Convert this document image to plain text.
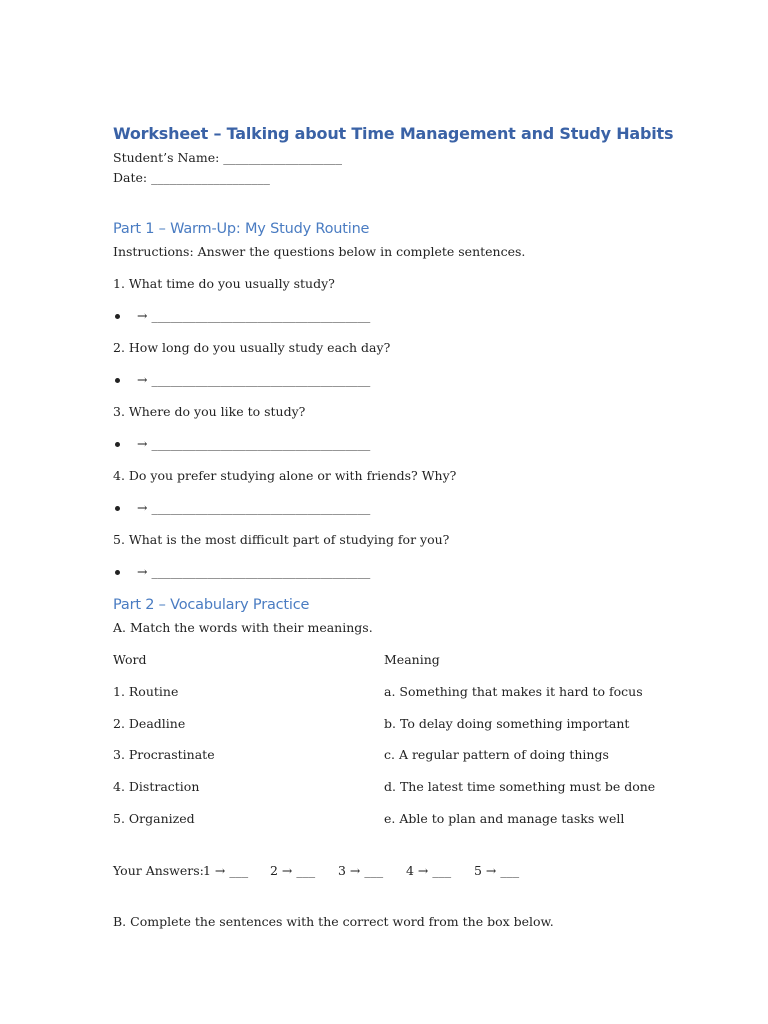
Worksheet – Talking about Time Management and Study Habits
Student’s Name: ___________________
Date: ___________________
Part 1 – Warm-Up: My Study Routine
Instructions: Answer the questions below in complete sentences.
1. What time do you usually study?
→ ___________________________________
2. How long do you usually study each day?
→ ___________________________________
3. Where do you like to study?
→ ___________________________________
4. Do you prefer studying alone or with friends? Why?
→ ___________________________________
5. What is the most difficult part of studying for you?
→ ___________________________________
Part 2 – Vocabulary Practice
A. Match the words with their meanings.
Word	Meaning
1. Routine	a. Something that makes it hard to focus
2. Deadline	b. To delay doing something important
3. Procrastinate	c. A regular pattern of doing things
4. Distraction	d. The latest time something must be done
5. Organized	e. Able to plan and manage tasks well
Your Answers: 1 → ___ 2 → ___ 3 → ___ 4 → ___ 5 → ___
B. Complete the sentences with the correct word from the box below.
